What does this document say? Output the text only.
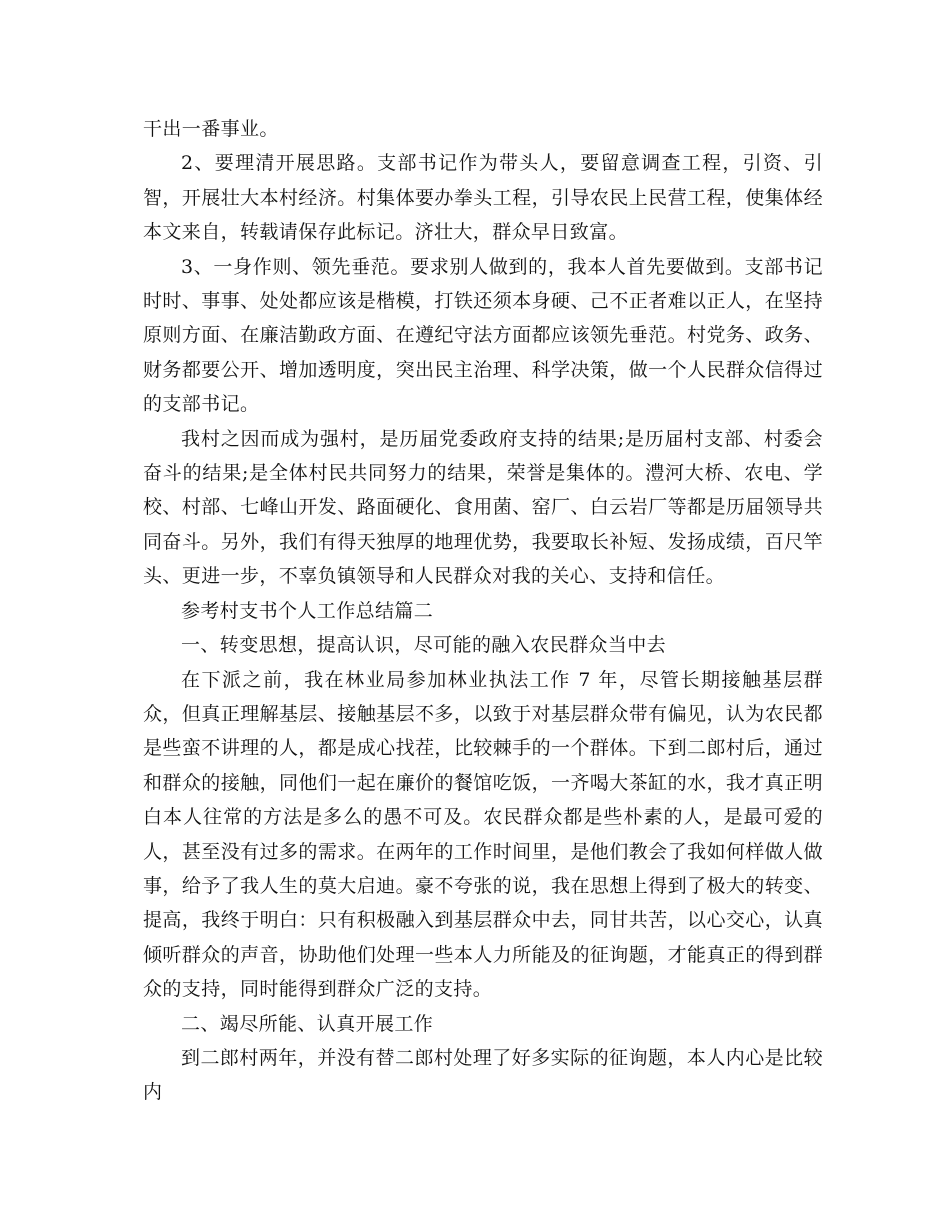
干出一番事业。

2、要理清开展思路。支部书记作为带头人，要留意调查工程，引资、引智，开展壮大本村经济。村集体要办拳头工程，引导农民上民营工程，使集体经本文来自，转载请保存此标记。济壮大，群众早日致富。

3、一身作则、领先垂范。要求别人做到的，我本人首先要做到。支部书记时时、事事、处处都应该是楷模，打铁还须本身硬、己不正者难以正人，在坚持原则方面、在廉洁勤政方面、在遵纪守法方面都应该领先垂范。村党务、政务、财务都要公开、增加透明度，突出民主治理、科学决策，做一个人民群众信得过的支部书记。

我村之因而成为强村，是历届党委政府支持的结果;是历届村支部、村委会奋斗的结果;是全体村民共同努力的结果，荣誉是集体的。澧河大桥、农电、学校、村部、七峰山开发、路面硬化、食用菌、窑厂、白云岩厂等都是历届领导共同奋斗。另外，我们有得天独厚的地理优势，我要取长补短、发扬成绩，百尺竿头、更进一步，不辜负镇领导和人民群众对我的关心、支持和信任。

参考村支书个人工作总结篇二

一、转变思想，提高认识，尽可能的融入农民群众当中去

在下派之前，我在林业局参加林业执法工作 7 年，尽管长期接触基层群众，但真正理解基层、接触基层不多，以致于对基层群众带有偏见，认为农民都是些蛮不讲理的人，都是成心找茬，比较棘手的一个群体。下到二郎村后，通过和群众的接触，同他们一起在廉价的餐馆吃饭，一齐喝大茶缸的水，我才真正明白本人往常的方法是多么的愚不可及。农民群众都是些朴素的人，是最可爱的人，甚至没有过多的需求。在两年的工作时间里，是他们教会了我如何样做人做事，给予了我人生的莫大启迪。豪不夸张的说，我在思想上得到了极大的转变、提高，我终于明白：只有积极融入到基层群众中去，同甘共苦，以心交心，认真倾听群众的声音，协助他们处理一些本人力所能及的征询题，才能真正的得到群众的支持，同时能得到群众广泛的支持。

二、竭尽所能、认真开展工作

到二郎村两年，并没有替二郎村处理了好多实际的征询题，本人内心是比较内
